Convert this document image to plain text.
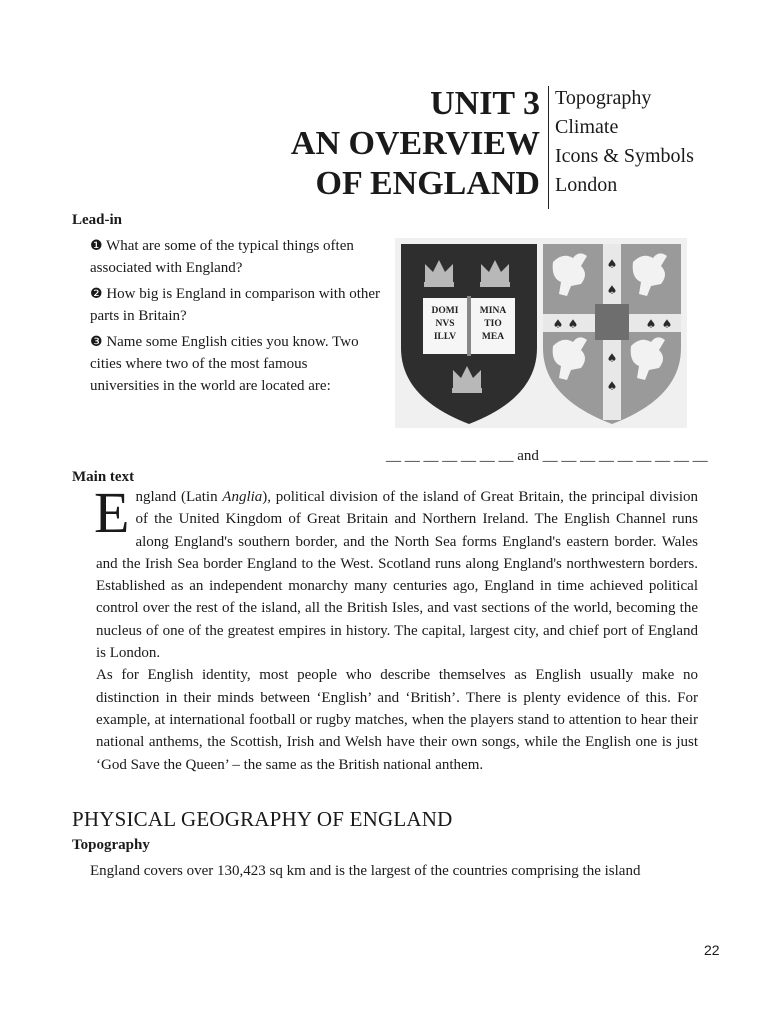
UNIT 3
AN OVERVIEW
OF ENGLAND
Topography
Climate
Icons & Symbols
London
Lead-in

❶ What are some of the typical things often associated with England?

❷ How big is England in comparison with other parts in Britain?

❸ Name some English cities you know. Two cities where two of the most famous universities in the world are located are:

DOMI
NVS
ILLV
MINA
TIO
MEA
♠
♠
♠ ♠	♠ ♠
♠
♠
__ __ __ __ __ __ __ and __ __ __ __ __ __ __ __ __
Main text

England (Latin Anglia), political division of the island of Great Britain, the principal division of the United Kingdom of Great Britain and Northern Ireland. The English Channel runs along England's southern border, and the North Sea forms England's eastern border. Wales and the Irish Sea border England to the West. Scotland runs along England's northwestern borders. Established as an independent monarchy many centuries ago, England in time achieved political control over the rest of the island, all the British Isles, and vast sections of the world, becoming the nucleus of one of the greatest empires in history. The capital, largest city, and chief port of England is London.

As for English identity, most people who describe themselves as English usually make no distinction in their minds between ‘English’ and ‘British’. There is plenty evidence of this. For example, at international football or rugby matches, when the players stand to attention to hear their national anthems, the Scottish, Irish and Welsh have their own songs, while the English one is just ‘God Save the Queen’ – the same as the British national anthem.

PHYSICAL GEOGRAPHY OF ENGLAND
Topography

England covers over 130,423 sq km and is the largest of the countries comprising the island

22
